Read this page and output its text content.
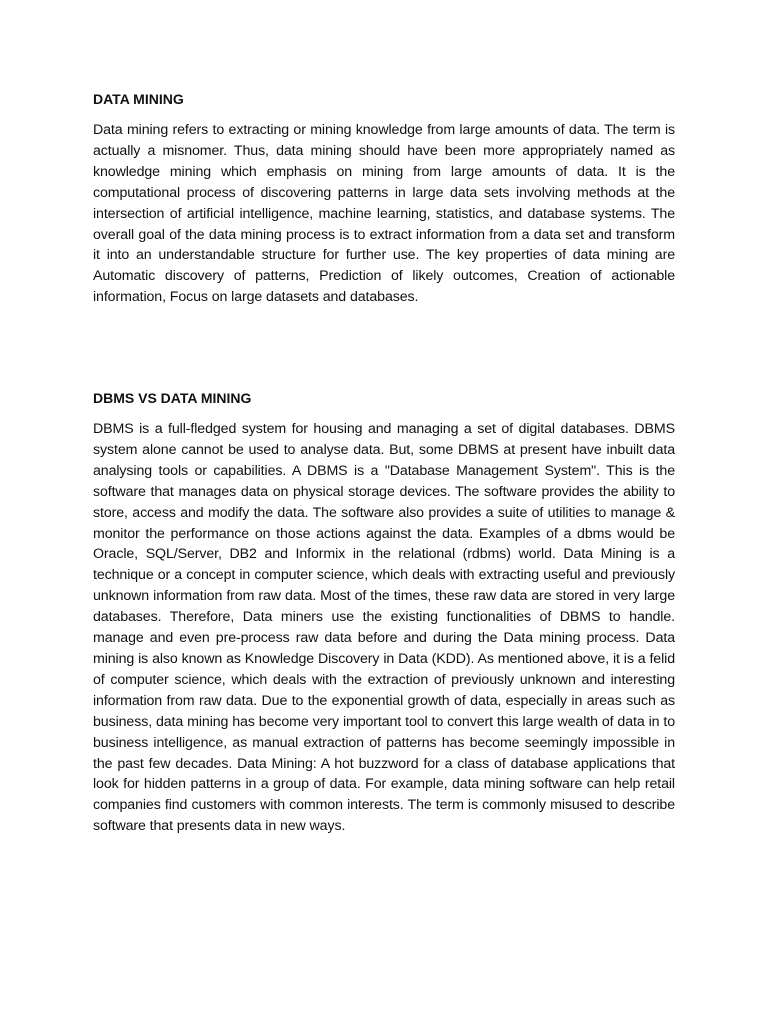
DATA MINING

Data mining refers to extracting or mining knowledge from large amounts of data. The term is actually a misnomer. Thus, data mining should have been more appropriately named as knowledge mining which emphasis on mining from large amounts of data. It is the computational process of discovering patterns in large data sets involving methods at the intersection of artificial intelligence, machine learning, statistics, and database systems. The overall goal of the data mining process is to extract information from a data set and transform it into an understandable structure for further use. The key properties of data mining are Automatic discovery of patterns, Prediction of likely outcomes, Creation of actionable information, Focus on large datasets and databases.

DBMS VS DATA MINING

DBMS is a full-fledged system for housing and managing a set of digital databases. DBMS system alone cannot be used to analyse data. But, some DBMS at present have inbuilt data analysing tools or capabilities. A DBMS is a "Database Management System". This is the software that manages data on physical storage devices. The software provides the ability to store, access and modify the data. The software also provides a suite of utilities to manage & monitor the performance on those actions against the data. Examples of a dbms would be Oracle, SQL/Server, DB2 and Informix in the relational (rdbms) world. Data Mining is a technique or a concept in computer science, which deals with extracting useful and previously unknown information from raw data. Most of the times, these raw data are stored in very large databases. Therefore, Data miners use the existing functionalities of DBMS to handle. manage and even pre-process raw data before and during the Data mining process. Data mining is also known as Knowledge Discovery in Data (KDD). As mentioned above, it is a felid of computer science, which deals with the extraction of previously unknown and interesting information from raw data. Due to the exponential growth of data, especially in areas such as business, data mining has become very important tool to convert this large wealth of data in to business intelligence, as manual extraction of patterns has become seemingly impossible in the past few decades. Data Mining: A hot buzzword for a class of database applications that look for hidden patterns in a group of data. For example, data mining software can help retail companies find customers with common interests. The term is commonly misused to describe software that presents data in new ways.
